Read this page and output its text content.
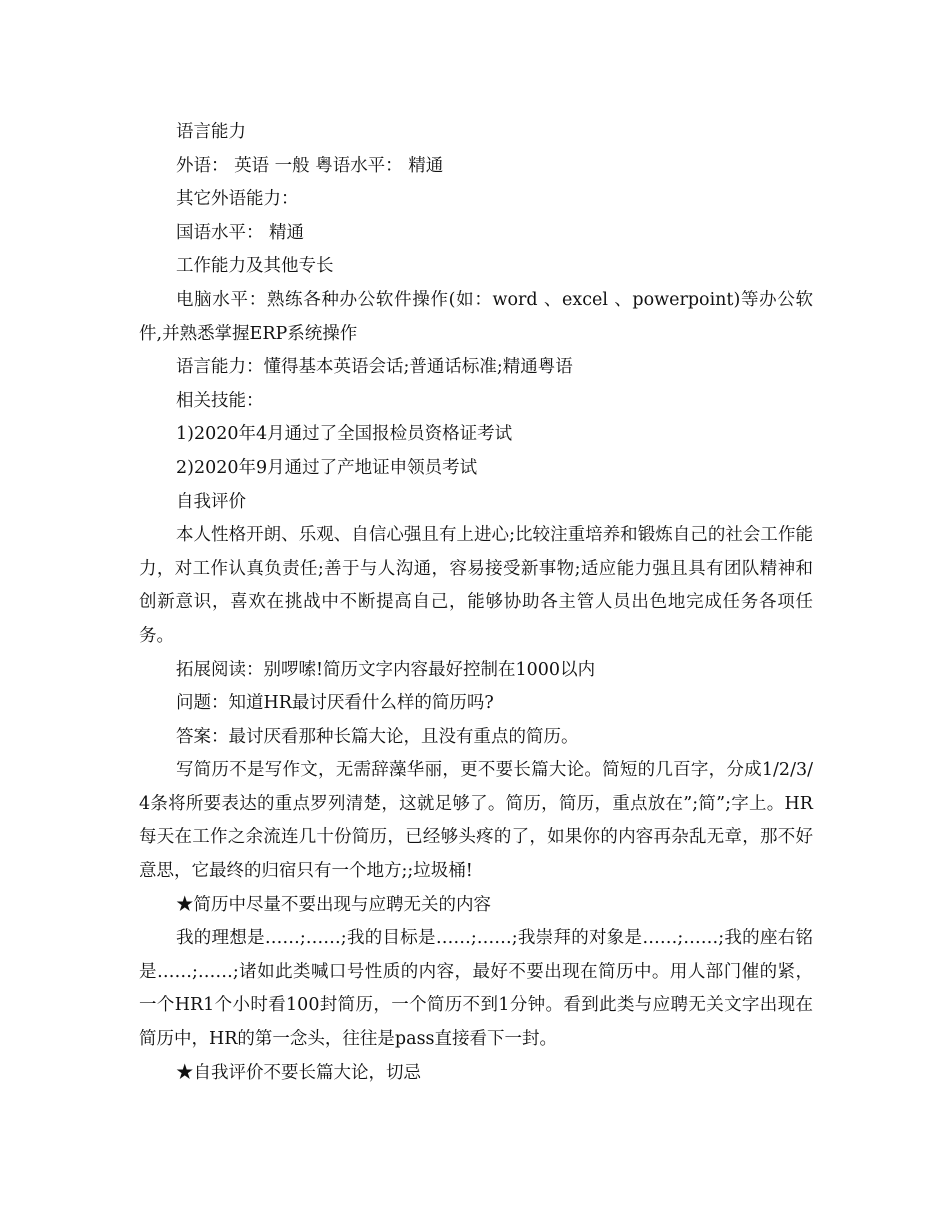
语言能力

外语： 英语 一般 粤语水平： 精通

其它外语能力：

国语水平： 精通

工作能力及其他专长

电脑水平：熟练各种办公软件操作(如：word 、excel 、powerpoint)等办公软件,并熟悉掌握ERP系统操作

语言能力：懂得基本英语会话;普通话标准;精通粤语

相关技能：

1)2020年4月通过了全国报检员资格证考试

2)2020年9月通过了产地证申领员考试

自我评价

本人性格开朗、乐观、自信心强且有上进心;比较注重培养和锻炼自己的社会工作能力，对工作认真负责任;善于与人沟通，容易接受新事物;适应能力强且具有团队精神和创新意识，喜欢在挑战中不断提高自己，能够协助各主管人员出色地完成任务各项任务。

拓展阅读：别啰嗦!简历文字内容最好控制在1000以内

问题：知道HR最讨厌看什么样的简历吗?

答案：最讨厌看那种长篇大论，且没有重点的简历。

写简历不是写作文，无需辞藻华丽，更不要长篇大论。简短的几百字，分成1/2/3/4条将所要表达的重点罗列清楚，这就足够了。简历，简历，重点放在”;简”;字上。HR每天在工作之余流连几十份简历，已经够头疼的了，如果你的内容再杂乱无章，那不好意思，它最终的归宿只有一个地方;;垃圾桶!

★简历中尽量不要出现与应聘无关的内容

我的理想是……;……;我的目标是……;……;我崇拜的对象是……;……;我的座右铭是……;……;诸如此类喊口号性质的内容，最好不要出现在简历中。用人部门催的紧，一个HR1个小时看100封简历，一个简历不到1分钟。看到此类与应聘无关文字出现在简历中，HR的第一念头，往往是pass直接看下一封。

★自我评价不要长篇大论，切忌
